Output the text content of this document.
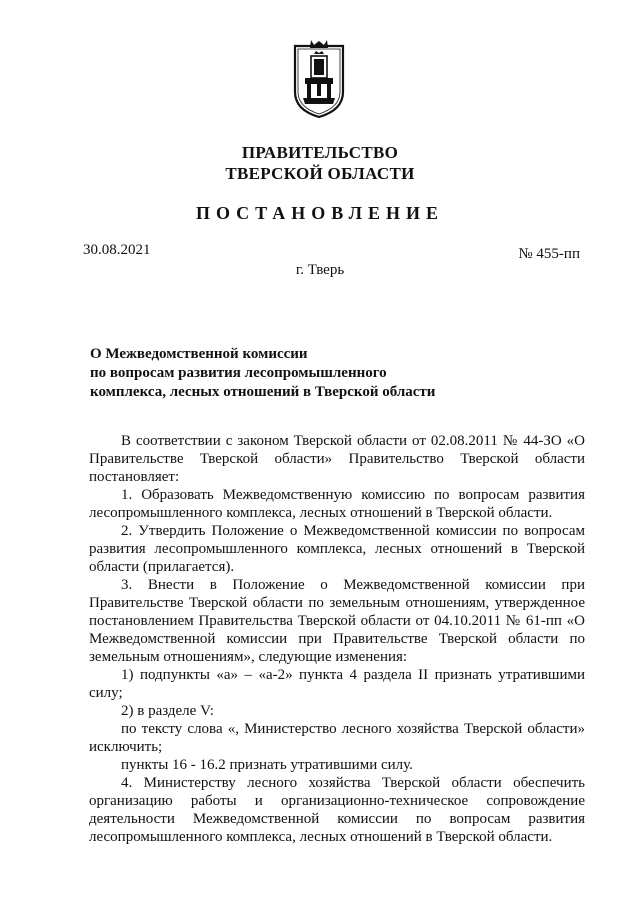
ПРАВИТЕЛЬСТВО
ТВЕРСКОЙ ОБЛАСТИ
ПОСТАНОВЛЕНИЕ
30.08.2021	№ 455-пп
г. Тверь
О Межведомственной комиссии
по вопросам развития лесопромышленного
комплекса, лесных отношений в Тверской области

В соответствии с законом Тверской области от 02.08.2011 № 44-ЗО «О Правительстве Тверской области» Правительство Тверской области постановляет:

1. Образовать Межведомственную комиссию по вопросам развития лесопромышленного комплекса, лесных отношений в Тверской области.

2. Утвердить Положение о Межведомственной комиссии по вопросам развития лесопромышленного комплекса, лесных отношений в Тверской области (прилагается).

3. Внести в Положение о Межведомственной комиссии при Правительстве Тверской области по земельным отношениям, утвержденное постановлением Правительства Тверской области от 04.10.2011 № 61-пп «О Межведомственной комиссии при Правительстве Тверской области по земельным отношениям», следующие изменения:

1) подпункты «а» – «а-2» пункта 4 раздела II признать утратившими силу;

2) в разделе V:

по тексту слова «, Министерство лесного хозяйства Тверской области» исключить;

пункты 16 - 16.2 признать утратившими силу.

4. Министерству лесного хозяйства Тверской области обеспечить организацию работы и организационно-техническое сопровождение деятельности Межведомственной комиссии по вопросам развития лесопромышленного комплекса, лесных отношений в Тверской области.
